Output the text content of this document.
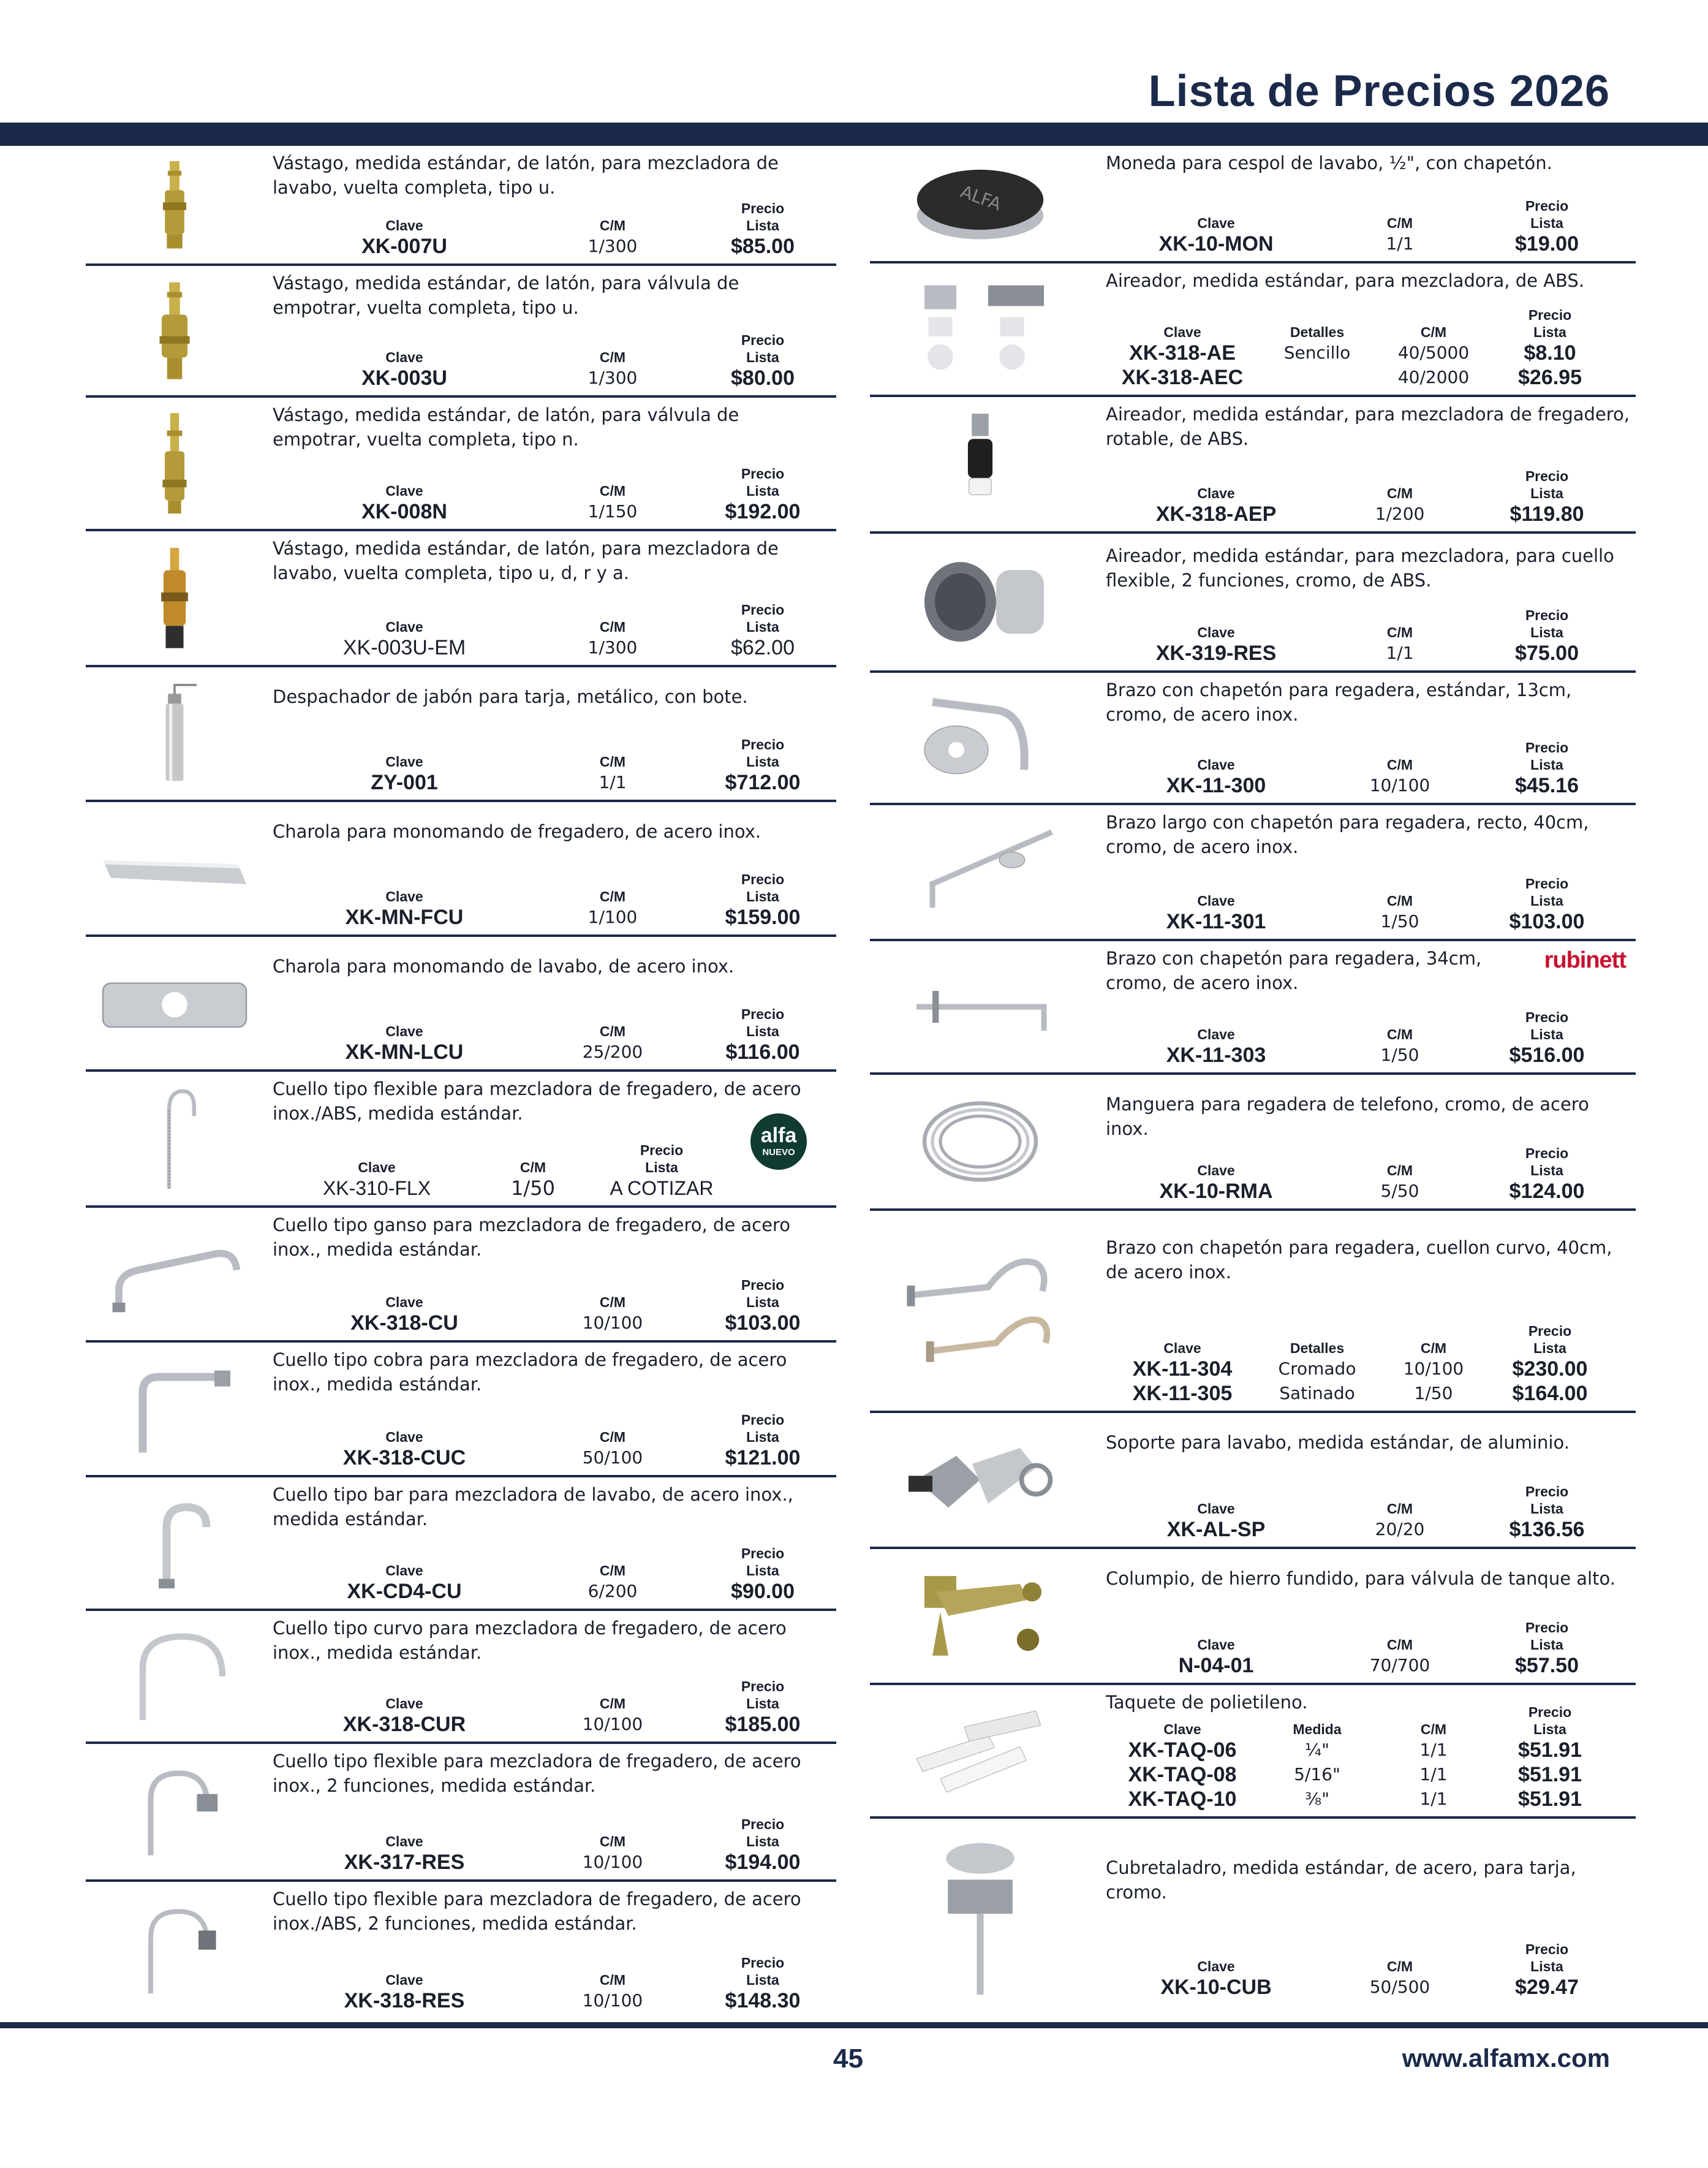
Lista de Precios 2026
Vástago, medida estándar, de latón, para mezcladora de lavabo, vuelta completa, tipo u.
Precio
Clave	C/M	Lista
XK-007U	1/300	$85.00
Vástago, medida estándar, de latón, para válvula de empotrar, vuelta completa, tipo u.
Precio
Clave	C/M	Lista
XK-003U	1/300	$80.00
Vástago, medida estándar, de latón, para válvula de empotrar, vuelta completa, tipo n.
Precio
Clave	C/M	Lista
XK-008N	1/150	$192.00
Vástago, medida estándar, de latón, para mezcladora de lavabo, vuelta completa, tipo u, d, r y a.
Precio
Clave	C/M	Lista
XK-003U-EM	1/300	$62.00
Despachador de jabón para tarja, metálico, con bote.
Precio
Clave	C/M	Lista
ZY-001	1/1	$712.00
Charola para monomando de fregadero, de acero inox.
Precio
Clave	C/M	Lista
XK-MN-FCU	1/100	$159.00
Charola para monomando de lavabo, de acero inox.
Precio
Clave	C/M	Lista
XK-MN-LCU	25/200	$116.00
Cuello tipo flexible para mezcladora de fregadero, de acero inox./ABS, medida estándar.
alfa
NUEVO
Precio
Clave	C/M	Lista
XK-310-FLX	1/50	A COTIZAR
Cuello tipo ganso para mezcladora de fregadero, de acero inox., medida estándar.
Precio
Clave	C/M	Lista
XK-318-CU	10/100	$103.00
Cuello tipo cobra para mezcladora de fregadero, de acero inox., medida estándar.
Precio
Clave	C/M	Lista
XK-318-CUC	50/100	$121.00
Cuello tipo bar para mezcladora de lavabo, de acero inox., medida estándar.
Precio
Clave	C/M	Lista
XK-CD4-CU	6/200	$90.00
Cuello tipo curvo para mezcladora de fregadero, de acero inox., medida estándar.
Precio
Clave	C/M	Lista
XK-318-CUR	10/100	$185.00
Cuello tipo flexible para mezcladora de fregadero, de acero inox., 2 funciones, medida estándar.
Precio
Clave	C/M	Lista
XK-317-RES	10/100	$194.00
Cuello tipo flexible para mezcladora de fregadero, de acero inox./ABS, 2 funciones, medida estándar.
Precio
Clave	C/M	Lista
XK-318-RES	10/100	$148.30
ALFA
Moneda para cespol de lavabo, ½", con chapetón.
Precio
Clave	C/M	Lista
XK-10-MON	1/1	$19.00
Aireador, medida estándar, para mezcladora, de ABS.
Precio
Clave	Detalles	C/M	Lista
XK-318-AE	Sencillo	40/5000	$8.10
XK-318-AEC	40/2000	$26.95
Aireador, medida estándar, para mezcladora de fregadero, rotable, de ABS.
Precio
Clave	C/M	Lista
XK-318-AEP	1/200	$119.80
Aireador, medida estándar, para mezcladora, para cuello flexible, 2 funciones, cromo, de ABS.
Precio
Clave	C/M	Lista
XK-319-RES	1/1	$75.00
Brazo con chapetón para regadera, estándar, 13cm, cromo, de acero inox.
Precio
Clave	C/M	Lista
XK-11-300	10/100	$45.16
Brazo largo con chapetón para regadera, recto, 40cm, cromo, de acero inox.
Precio
Clave	C/M	Lista
XK-11-301	1/50	$103.00
Brazo con chapetón para regadera, 34cm, cromo, de acero inox.
rubinett
Precio
Clave	C/M	Lista
XK-11-303	1/50	$516.00
Manguera para regadera de telefono, cromo, de acero inox.
Precio
Clave	C/M	Lista
XK-10-RMA	5/50	$124.00
Brazo con chapetón para regadera, cuellon curvo, 40cm, de acero inox.
Precio
Clave	Detalles	C/M	Lista
XK-11-304	Cromado	10/100	$230.00
XK-11-305	Satinado	1/50	$164.00
Soporte para lavabo, medida estándar, de aluminio.
Precio
Clave	C/M	Lista
XK-AL-SP	20/20	$136.56
Columpio, de hierro fundido, para válvula de tanque alto.
Precio
Clave	C/M	Lista
N-04-01	70/700	$57.50
Taquete de polietileno.	Precio
Clave	Medida	C/M	Lista
XK-TAQ-06	¼"	1/1	$51.91
XK-TAQ-08	5/16"	1/1	$51.91
XK-TAQ-10	⅜"	1/1	$51.91
Cubretaladro, medida estándar, de acero, para tarja, cromo.
Precio
Clave	C/M	Lista
XK-10-CUB	50/500	$29.47
45	www.alfamx.com
